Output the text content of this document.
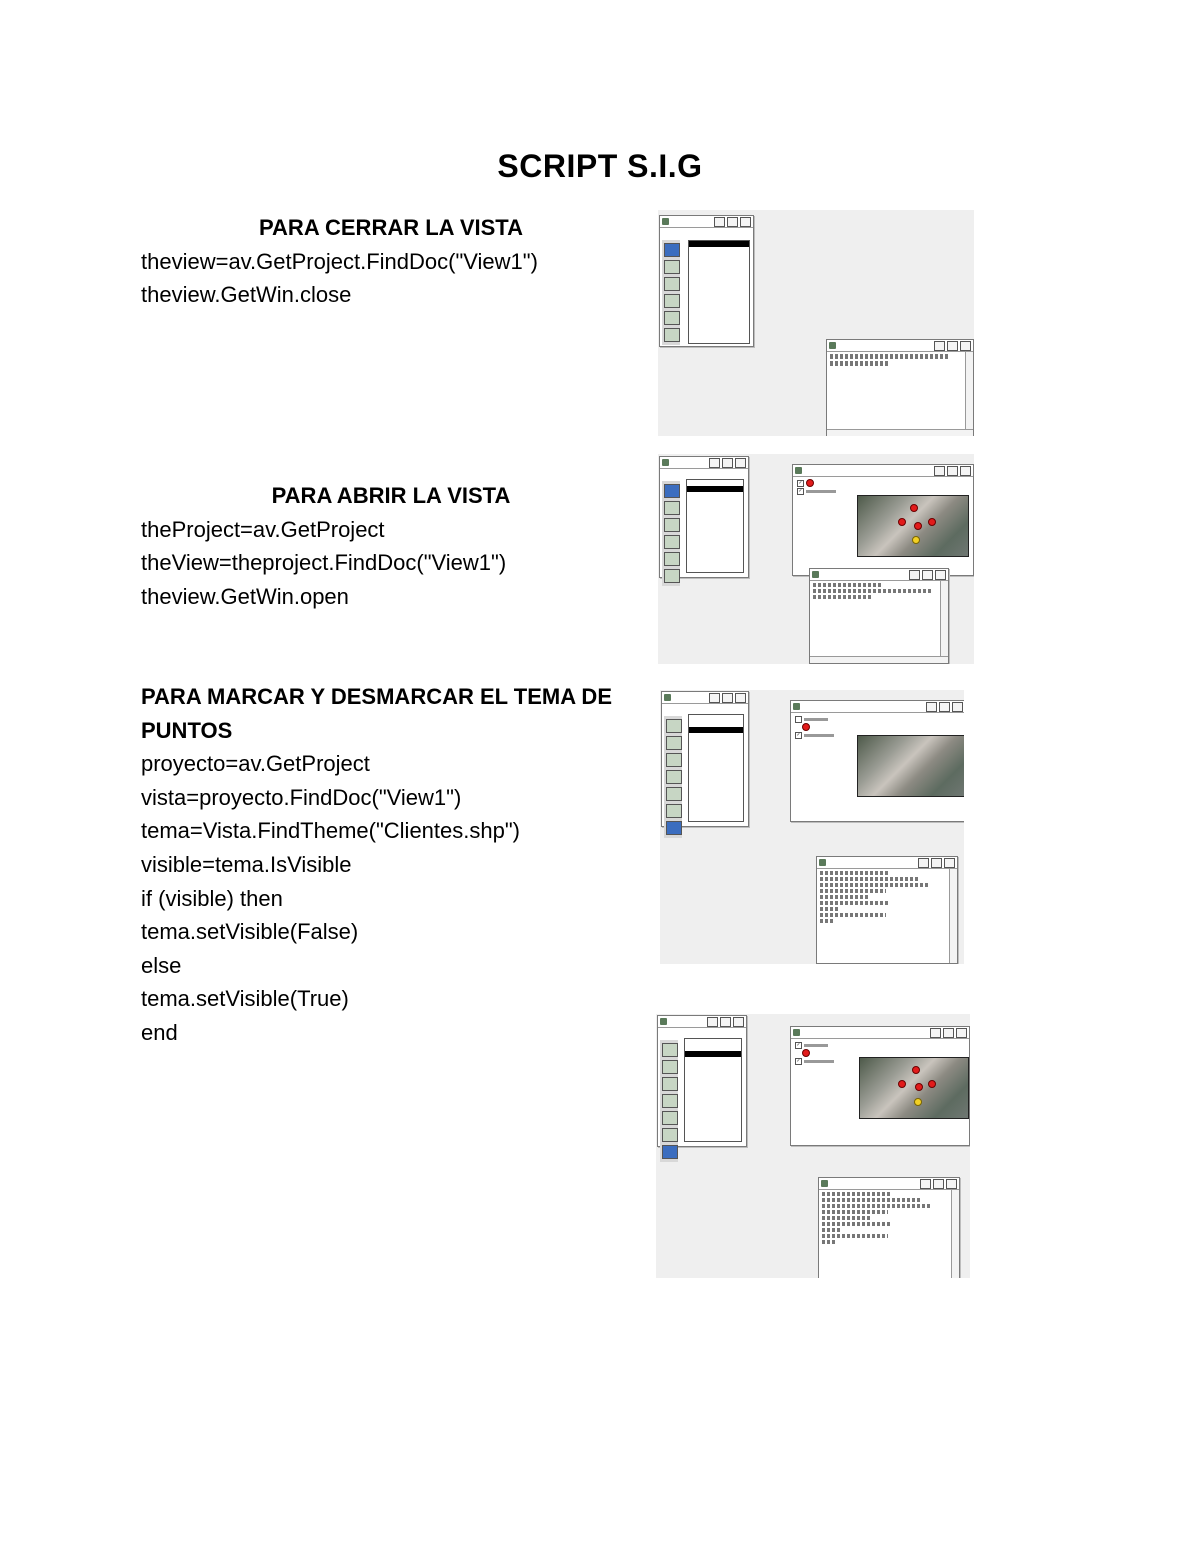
SCRIPT S.I.G
PARA CERRAR LA VISTA
theview=av.GetProject.FindDoc("View1")
theview.GetWin.close
PARA ABRIR LA VISTA
theProject=av.GetProject
theView=theproject.FindDoc("View1")
theview.GetWin.open
PARA MARCAR Y DESMARCAR EL TEMA DE
PUNTOS
proyecto=av.GetProject
vista=proyecto.FindDoc("View1")
tema=Vista.FindTheme("Clientes.shp")
visible=tema.IsVisible
if (visible) then
tema.setVisible(False)
else
tema.setVisible(True)
end
✓
✓
✓
✓
✓
